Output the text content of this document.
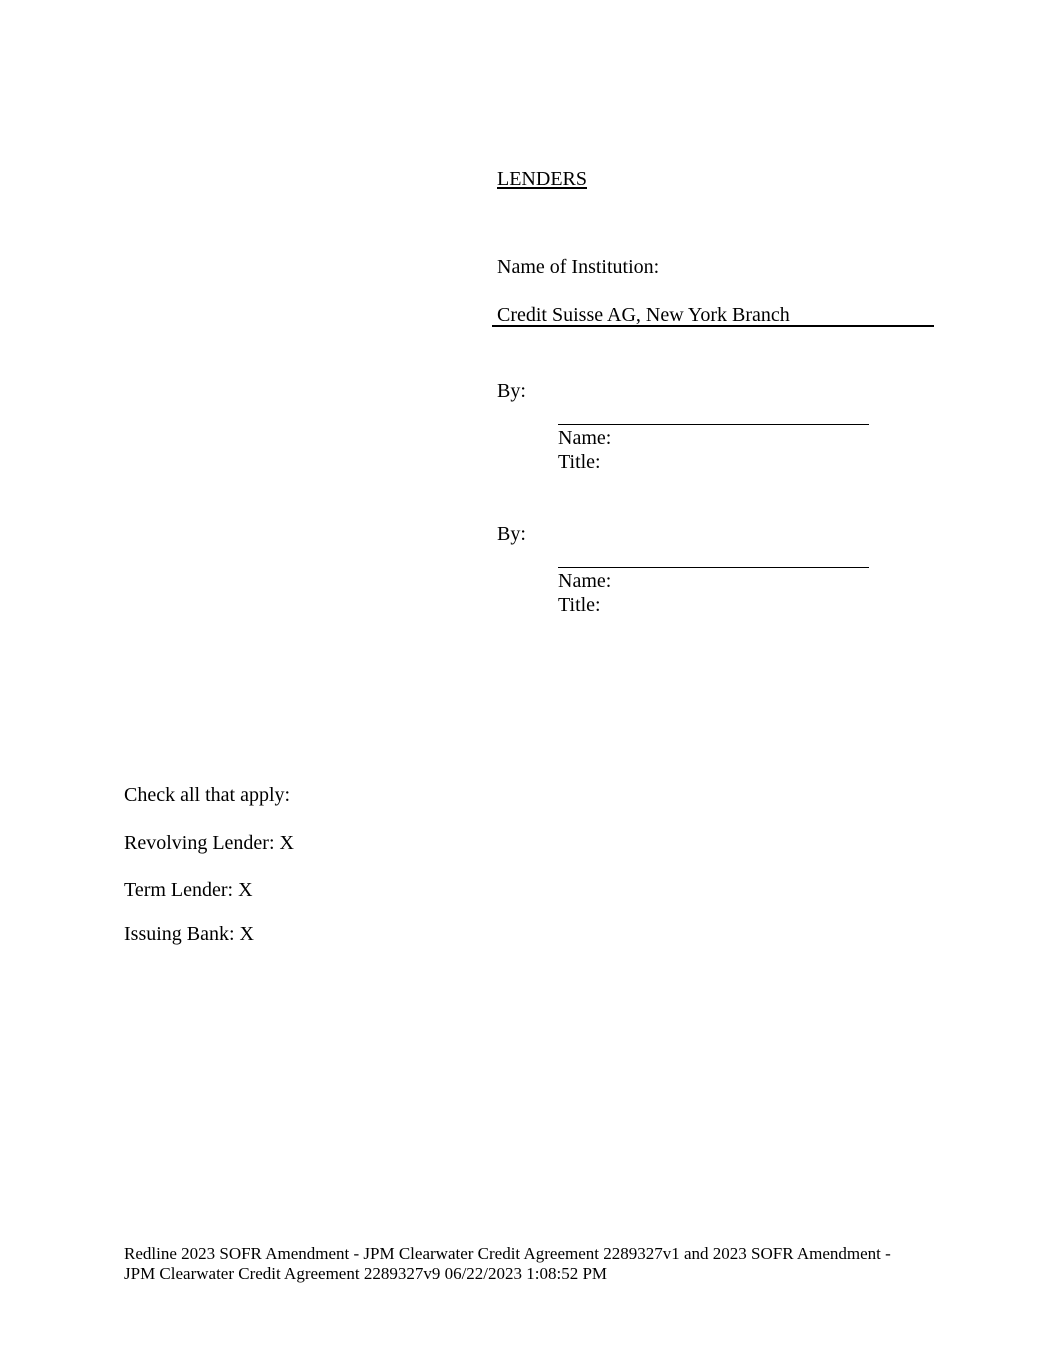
LENDERS
Name of Institution:
Credit Suisse AG, New York Branch
By:
Name:
Title:
By:
Name:
Title:
Check all that apply:
Revolving Lender: X
Term Lender: X
Issuing Bank: X
Redline 2023 SOFR Amendment - JPM Clearwater Credit Agreement 2289327v1 and 2023 SOFR Amendment -
JPM Clearwater Credit Agreement 2289327v9 06/22/2023 1:08:52 PM
